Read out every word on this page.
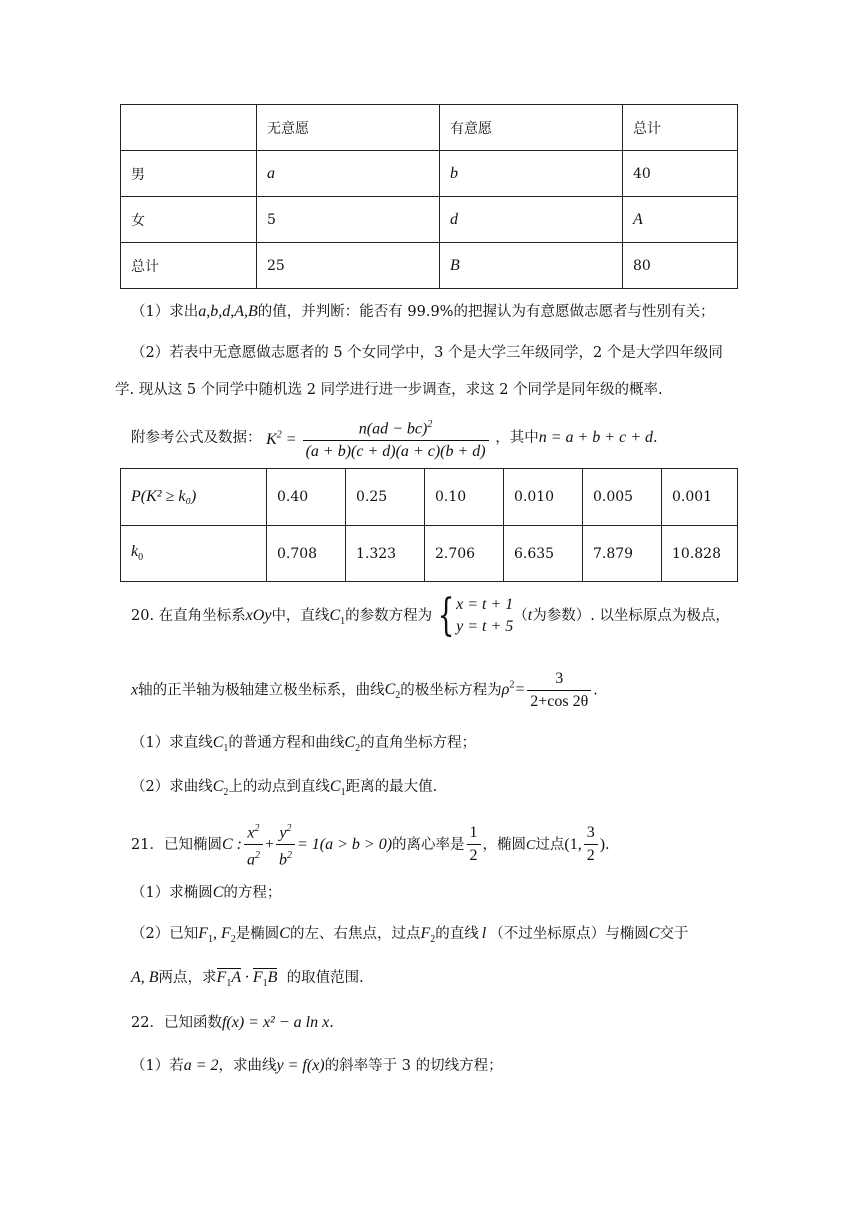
	无意愿	有意愿	总计
男	a	b	40
女	5	d	A
总计	25	B	80
（1）求出a,b,d,A,B的值，并判断：能否有 99.9%的把握认为有意愿做志愿者与性别有关；
（2）若表中无意愿做志愿者的 5 个女同学中，3 个是大学三年级同学，2 个是大学四年级同
学. 现从这 5 个同学中随机选 2 同学进行进一步调查，求这 2 个同学是同年级的概率.
附参考公式及数据： $K^2 = \frac{n(ad - bc)^2}{(a + b)(c + d)(a + c)(b + d)}$ ，其中n = a + b + c + d.
P(K² ≥ k₀)	0.40	0.25	0.10	0.010	0.005	0.001
$k_0$	0.708	1.323	2.706	6.635	7.879	10.828
20. 在直角坐标系xOy中，直线$C_1$的参数方程为 { x = t + 1
y = t + 5
（t为参数）. 以坐标原点为极点，
x轴的正半轴为极轴建立极坐标系，曲线$C_2$的极坐标方程为$\rho^2= \frac{3}{2+\cos 2\theta}$ .
（1）求直线$C_1$的普通方程和曲线$C_2$的直角坐标方程；
（2）求曲线$C_2$上的动点到直线$C_1$距离的最大值.
21．已知椭圆C : $\frac{x^2}{a^2} + \frac{y^2}{b^2} = 1(a > b > 0)$的离心率是 $\frac{1}{2}$ ，椭圆C过点(1, $\frac{3}{2}$ ).
（1）求椭圆C的方程；
（2）已知$F_1$, $F_2$是椭圆C的左、右焦点，过点$F_2$的直线 l （不过坐标原点）与椭圆C交于
A, B两点，求$F_1A \cdot F_1B$ 的取值范围.
22．已知函数f(x) = x² − a ln x.
（1）若a = 2，求曲线y = f(x)的斜率等于 3 的切线方程；
